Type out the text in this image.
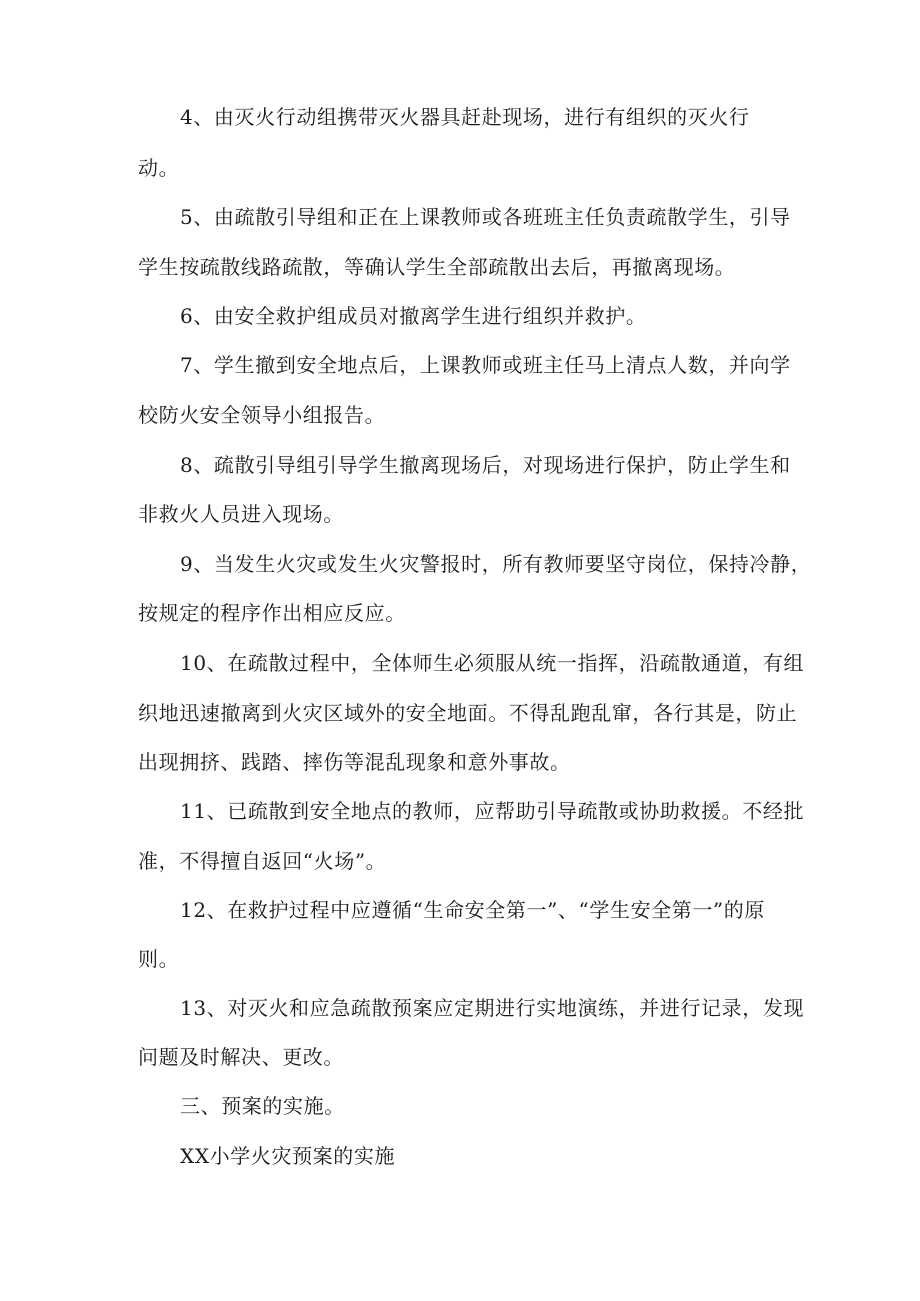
4、由灭火行动组携带灭火器具赶赴现场，进行有组织的灭火行
动。
5、由疏散引导组和正在上课教师或各班班主任负责疏散学生，引导
学生按疏散线路疏散，等确认学生全部疏散出去后，再撤离现场。
6、由安全救护组成员对撤离学生进行组织并救护。
7、学生撤到安全地点后，上课教师或班主任马上清点人数，并向学
校防火安全领导小组报告。
8、疏散引导组引导学生撤离现场后，对现场进行保护，防止学生和
非救火人员进入现场。
9、当发生火灾或发生火灾警报时，所有教师要坚守岗位，保持冷静，
按规定的程序作出相应反应。
10、在疏散过程中，全体师生必须服从统一指挥，沿疏散通道，有组
织地迅速撤离到火灾区域外的安全地面。不得乱跑乱窜，各行其是，防止
出现拥挤、践踏、摔伤等混乱现象和意外事故。
11、已疏散到安全地点的教师，应帮助引导疏散或协助救援。不经批
准，不得擅自返回“火场”。
12、在救护过程中应遵循“生命安全第一”、“学生安全第一”的原
则。
13、对灭火和应急疏散预案应定期进行实地演练，并进行记录，发现
问题及时解决、更改。
三、预案的实施。
XX小学火灾预案的实施
